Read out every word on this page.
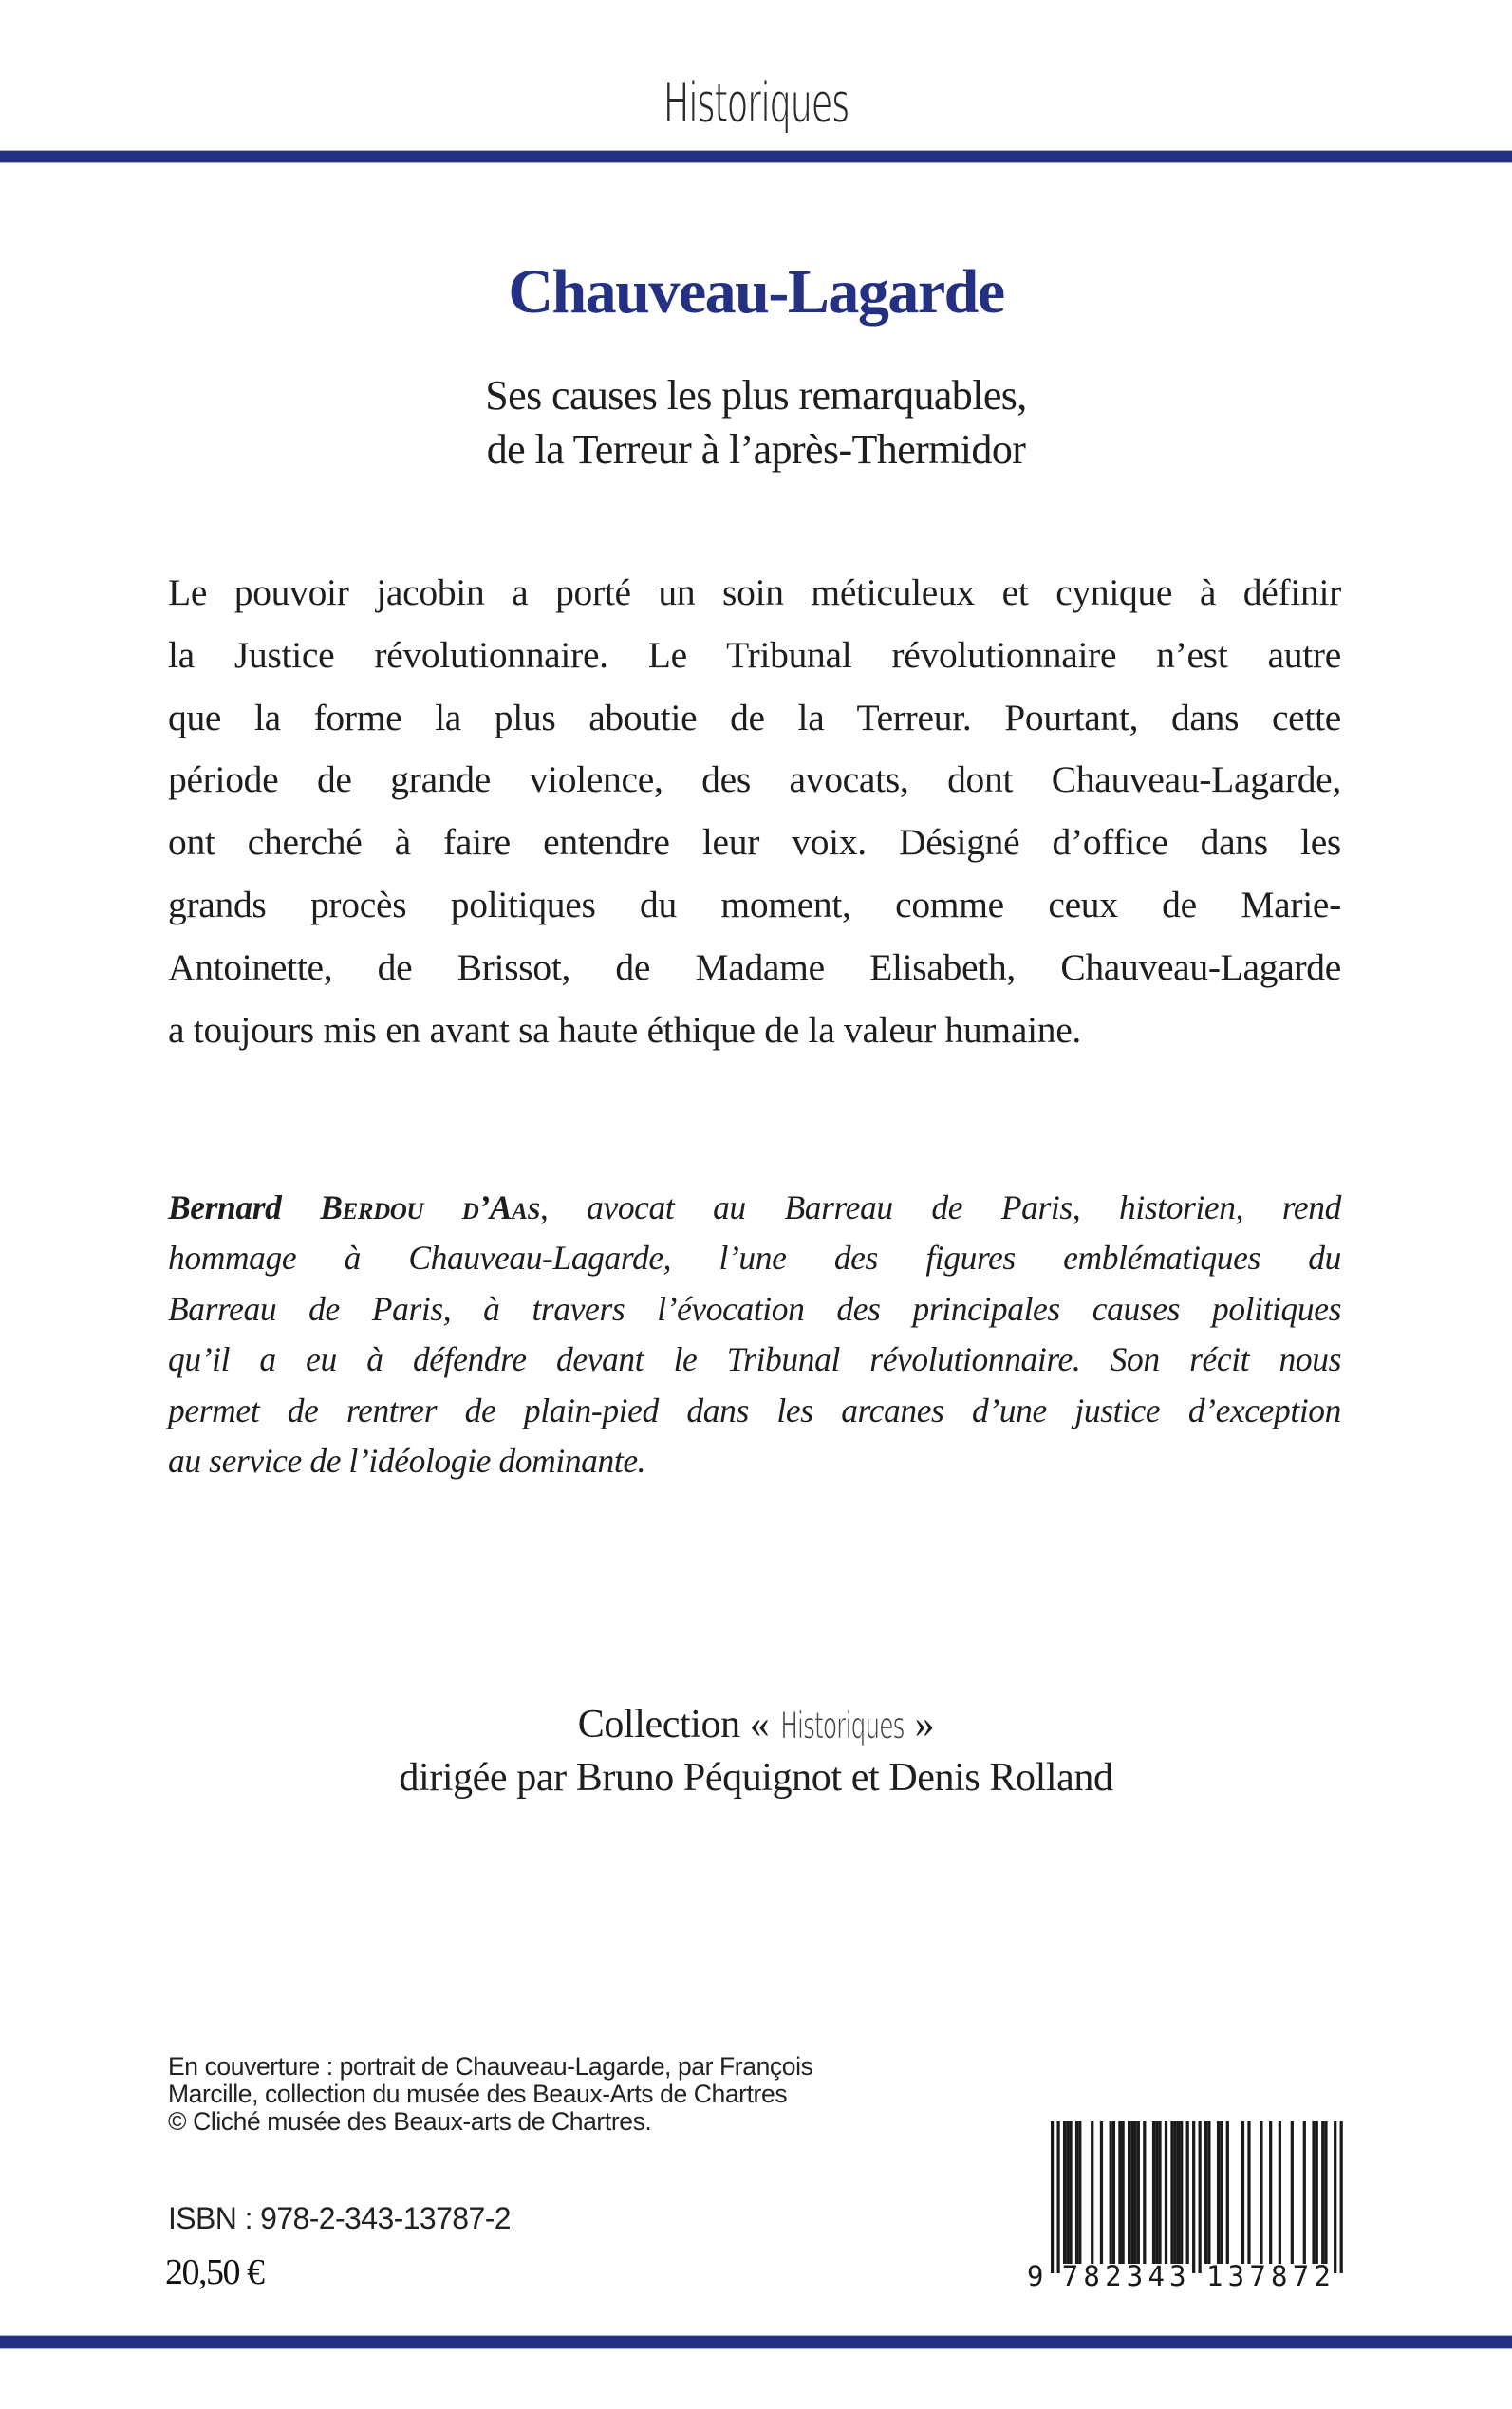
Historiques
Chauveau-Lagarde
Ses causes les plus remarquables,
de la Terreur à l’après-Thermidor
Le pouvoir jacobin a porté un soin méticuleux et cynique à définir
la Justice révolutionnaire. Le Tribunal révolutionnaire n’est autre
que la forme la plus aboutie de la Terreur. Pourtant, dans cette
période de grande violence, des avocats, dont Chauveau-Lagarde,
ont cherché à faire entendre leur voix. Désigné d’office dans les
grands procès politiques du moment, comme ceux de Marie-
Antoinette, de Brissot, de Madame Elisabeth, Chauveau-Lagarde
a toujours mis en avant sa haute éthique de la valeur humaine.
Bernard Berdou d’Aas, avocat au Barreau de Paris, historien, rend
hommage à Chauveau-Lagarde, l’une des figures emblématiques du
Barreau de Paris, à travers l’évocation des principales causes politiques
qu’il a eu à défendre devant le Tribunal révolutionnaire. Son récit nous
permet de rentrer de plain-pied dans les arcanes d’une justice d’exception
au service de l’idéologie dominante.
Collection « Historiques »
dirigée par Bruno Péquignot et Denis Rolland
En couverture : portrait de Chauveau-Lagarde, par François
Marcille, collection du musée des Beaux-Arts de Chartres
© Cliché musée des Beaux-arts de Chartres.
ISBN : 978-2-343-13787-2
20,50 €	9 7 8 2 3 4 3 1 3 7 8 7 2
